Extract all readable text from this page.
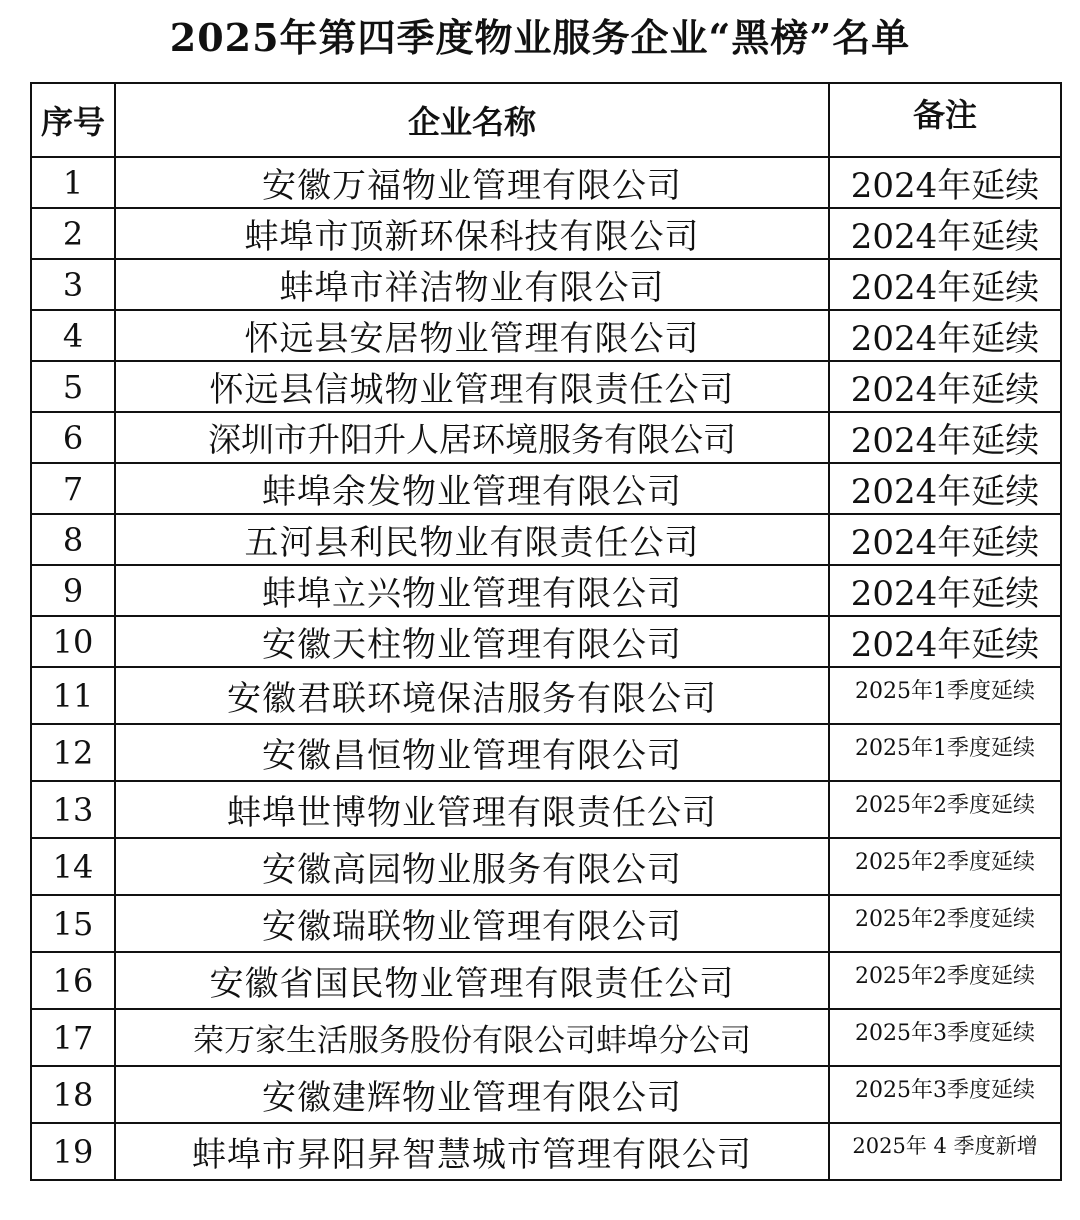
2025年第四季度物业服务企业“黑榜”名单
序号	企业名称	备注
1	安徽万福物业管理有限公司	2024年延续
2	蚌埠市顶新环保科技有限公司	2024年延续
3	蚌埠市祥洁物业有限公司	2024年延续
4	怀远县安居物业管理有限公司	2024年延续
5	怀远县信城物业管理有限责任公司	2024年延续
6	深圳市升阳升人居环境服务有限公司	2024年延续
7	蚌埠余发物业管理有限公司	2024年延续
8	五河县利民物业有限责任公司	2024年延续
9	蚌埠立兴物业管理有限公司	2024年延续
10	安徽天柱物业管理有限公司	2024年延续
11	安徽君联环境保洁服务有限公司	2025年1季度延续
12	安徽昌恒物业管理有限公司	2025年1季度延续
13	蚌埠世博物业管理有限责任公司	2025年2季度延续
14	安徽高园物业服务有限公司	2025年2季度延续
15	安徽瑞联物业管理有限公司	2025年2季度延续
16	安徽省国民物业管理有限责任公司	2025年2季度延续
17	荣万家生活服务股份有限公司蚌埠分公司	2025年3季度延续
18	安徽建辉物业管理有限公司	2025年3季度延续
19	蚌埠市昇阳昇智慧城市管理有限公司	2025年 4 季度新增
